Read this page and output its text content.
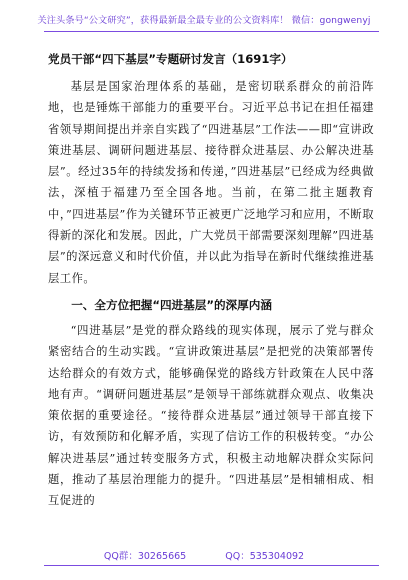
关注头条号“公文研究”，获得最新最全最专业的公文资料库！ 微信：gongwenyj
党员干部“四下基层”专题研讨发言（1691字）

基层是国家治理体系的基础，是密切联系群众的前沿阵地，也是锤炼干部能力的重要平台。习近平总书记在担任福建省领导期间提出并亲自实践了“四进基层”工作法——即“宣讲政策进基层、调研问题进基层、接待群众进基层、办公解决进基层”。经过35年的持续发扬和传递，”四进基层”已经成为经典做法，深植于福建乃至全国各地。当前，在第二批主题教育中，”四进基层”作为关键环节正被更广泛地学习和应用，不断取得新的深化和发展。因此，广大党员干部需要深刻理解”四进基层”的深远意义和时代价值，并以此为指导在新时代继续推进基层工作。

一、全方位把握“四进基层”的深厚内涵

“四进基层”是党的群众路线的现实体现，展示了党与群众紧密结合的生动实践。“宣讲政策进基层”是把党的决策部署传达给群众的有效方式，能够确保党的路线方针政策在人民中落地有声。“调研问题进基层”是领导干部练就群众观点、收集决策依据的重要途径。“接待群众进基层”通过领导干部直接下访，有效预防和化解矛盾，实现了信访工作的积极转变。“办公解决进基层”通过转变服务方式，积极主动地解决群众实际问题，推动了基层治理能力的提升。“四进基层”是相辅相成、相互促进的

QQ群：30265665	QQ：535304092
